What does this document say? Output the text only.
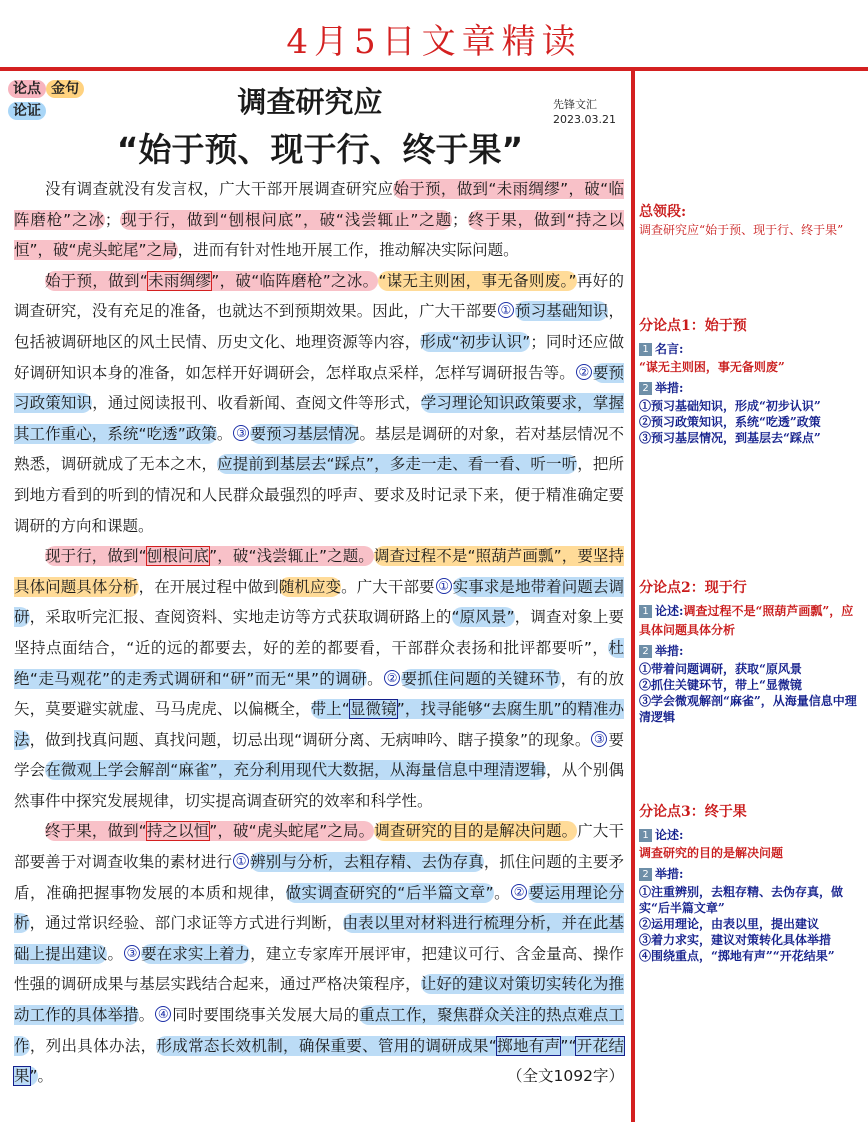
4月5日文章精读
论点 金句
论证	调查研究应
“始于预、现于行、终于果”
先锋文汇
2023.03.21

没有调查就没有发言权，广大干部开展调查研究应始于预，做到“未雨绸缪”，破“临阵磨枪”之冰；现于行，做到“刨根问底”，破“浅尝辄止”之题；终于果，做到“持之以恒”，破“虎头蛇尾”之局，进而有针对性地开展工作，推动解决实际问题。

始于预，做到“未雨绸缪”，破“临阵磨枪”之冰。“谋无主则困，事无备则废。”再好的调查研究，没有充足的准备，也就达不到预期效果。因此，广大干部要 ① 预习基础知识，包括被调研地区的风土民情、历史文化、地理资源等内容，形成“初步认识”；同时还应做好调研知识本身的准备，如怎样开好调研会，怎样取点采样，怎样写调研报告等。 ② 要预习政策知识，通过阅读报刊、收看新闻、查阅文件等形式，学习理论知识政策要求，掌握其工作重心，系统“吃透”政策。 ③ 要预习基层情况。基层是调研的对象，若对基层情况不熟悉，调研就成了无本之木，应提前到基层去“踩点”，多走一走、看一看、听一听，把所到地方看到的听到的情况和人民群众最强烈的呼声、要求及时记录下来，便于精准确定要调研的方向和课题。

现于行，做到“刨根问底”，破“浅尝辄止”之题。调查过程不是“照葫芦画瓢”，要坚持具体问题具体分析，在开展过程中做到随机应变。广大干部要 ① 实事求是地带着问题去调研，采取听完汇报、查阅资料、实地走访等方式获取调研路上的“原风景”，调查对象上要坚持点面结合，“近的远的都要去，好的差的都要看，干部群众表扬和批评都要听”，杜绝“走马观花”的走秀式调研和“研”而无“果”的调研。 ② 要抓住问题的关键环节，有的放矢，莫要避实就虚、马马虎虎、以偏概全，带上“显微镜”，找寻能够“去腐生肌”的精准办法，做到找真问题、真找问题，切忌出现“调研分离、无病呻吟、瞎子摸象”的现象。 ③ 要学会在微观上学会解剖“麻雀”，充分利用现代大数据，从海量信息中理清逻辑，从个别偶然事件中探究发展规律，切实提高调查研究的效率和科学性。

终于果，做到“持之以恒”，破“虎头蛇尾”之局。调查研究的目的是解决问题。广大干部要善于对调查收集的素材进行 ① 辨别与分析，去粗存精、去伪存真，抓住问题的主要矛盾，准确把握事物发展的本质和规律，做实调查研究的“后半篇文章”。 ② 要运用理论分析，通过常识经验、部门求证等方式进行判断，由表以里对材料进行梳理分析，并在此基础上提出建议。 ③ 要在求实上着力，建立专家库开展评审，把建议可行、含金量高、操作性强的调研成果与基层实践结合起来，通过严格决策程序，让好的建议对策切实转化为推动工作的具体举措。 ④ 同时要围绕事关发展大局的重点工作，聚焦群众关注的热点难点工作，列出具体办法，形成常态长效机制，确保重要、管用的调研成果“掷地有声”“开花结果”。	（全文1092字）

总领段:
调查研究应“始于预、现于行、终于果”
分论点1：始于预
1 名言:
“谋无主则困，事无备则废”
2 举措:
①预习基础知识，形成“初步认识”
②预习政策知识，系统“吃透”政策
③预习基层情况，到基层去“踩点”
分论点2：现于行
1 论述:调查过程不是“照葫芦画瓢”，应具体问题具体分析
2 举措:
①带着问题调研，获取“原风景
②抓住关键环节，带上“显微镜
③学会微观解剖“麻雀”，从海量信息中理清逻辑
分论点3：终于果
1 论述:
调查研究的目的是解决问题
2 举措:
①注重辨别，去粗存精、去伪存真，做实“后半篇文章”
②运用理论，由表以里，提出建议
③着力求实，建议对策转化具体举措
④围绕重点，“掷地有声”“开花结果”
